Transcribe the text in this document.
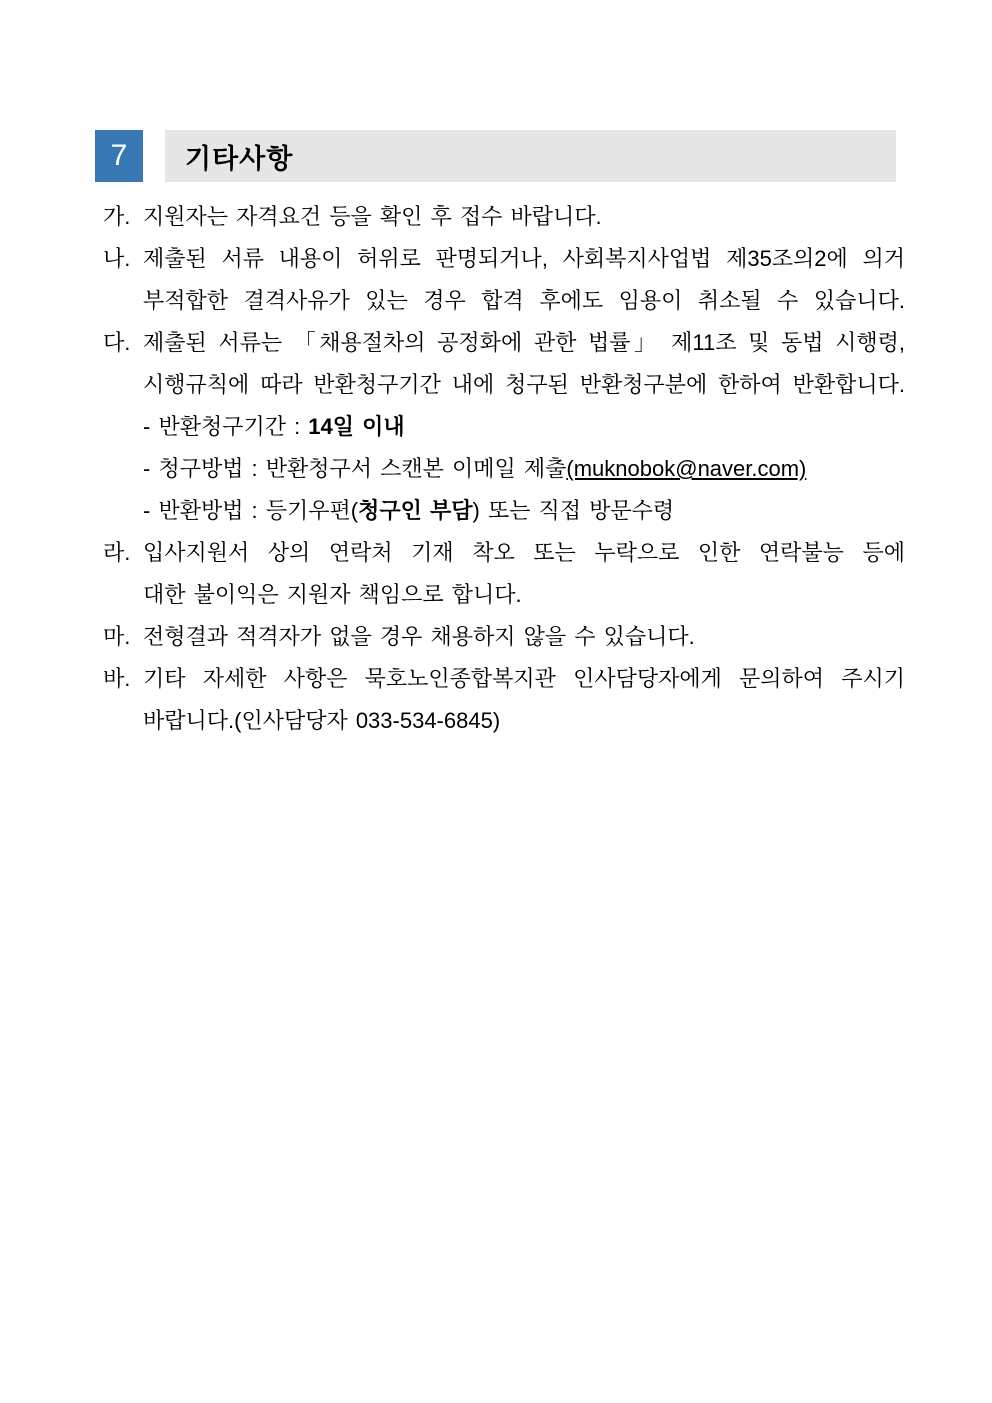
7	기타사항
가. 지원자는 자격요건 등을 확인 후 접수 바랍니다.
나. 제출된 서류 내용이 허위로 판명되거나, 사회복지사업법 제35조의2에 의거
부적합한 결격사유가 있는 경우 합격 후에도 임용이 취소될 수 있습니다.
다. 제출된 서류는 「채용절차의 공정화에 관한 법률」 제11조 및 동법 시행령,
시행규칙에 따라 반환청구기간 내에 청구된 반환청구분에 한하여 반환합니다.
- 반환청구기간 : 14일 이내
- 청구방법 : 반환청구서 스캔본 이메일 제출(muknobok@naver.com)
- 반환방법 : 등기우편(청구인 부담) 또는 직접 방문수령
라. 입사지원서 상의 연락처 기재 착오 또는 누락으로 인한 연락불능 등에
대한 불이익은 지원자 책임으로 합니다.
마. 전형결과 적격자가 없을 경우 채용하지 않을 수 있습니다.
바. 기타 자세한 사항은 묵호노인종합복지관 인사담당자에게 문의하여 주시기
바랍니다.(인사담당자 033-534-6845)
